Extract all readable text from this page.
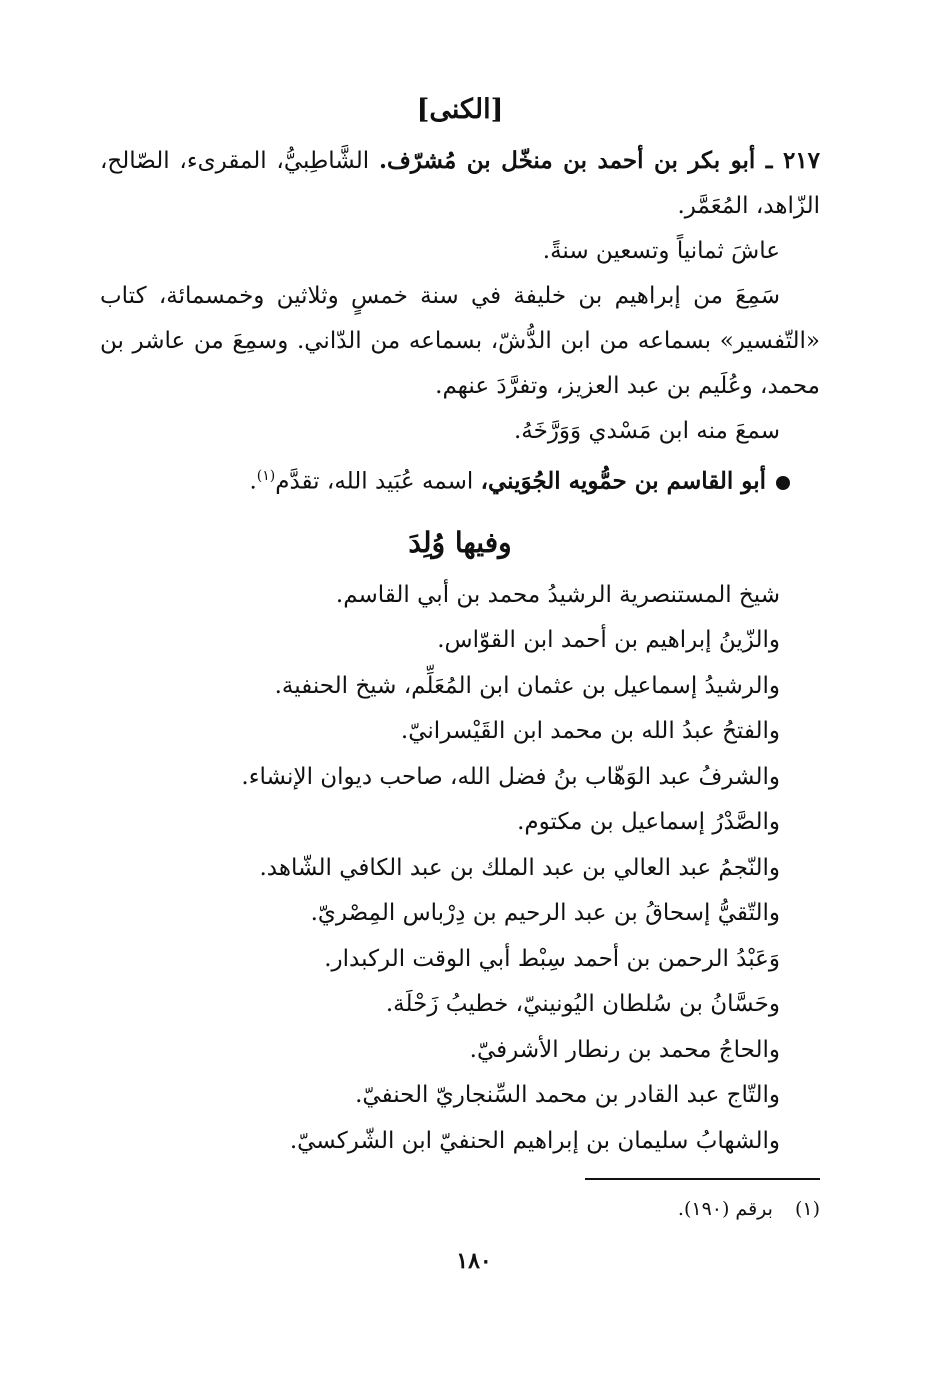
[الكنى]

٢١٧ ـ أبو بكر بن أحمد بن منخّل بن مُشرّف. الشَّاطِبيُّ، المقرىء، الصّالح، الزّاهد، المُعَمَّر.

عاشَ ثمانياً وتسعين سنةً.

سَمِعَ من إبراهيم بن خليفة في سنة خمسٍ وثلاثين وخمسمائة، كتاب «التّفسير» بسماعه من ابن الدُّشّ، بسماعه من الدّاني. وسمِعَ من عاشر بن محمد، وعُلَيم بن عبد العزيز، وتفرَّدَ عنهم.

سمعَ منه ابن مَسْدي وَوَرَّخَهُ.

أبو القاسم بن حمُّويه الجُوَيني، اسمه عُبَيد الله، تقدَّم$^{(١)}$.

وفيها وُلِدَ
شيخ المستنصرية الرشيدُ محمد بن أبي القاسم.
والزّينُ إبراهيم بن أحمد ابن القوّاس.
والرشيدُ إسماعيل بن عثمان ابن المُعَلِّم، شيخ الحنفية.
والفتحُ عبدُ الله بن محمد ابن القَيْسرانيّ.
والشرفُ عبد الوَهّاب بنُ فضل الله، صاحب ديوان الإنشاء.
والصَّدْرُ إسماعيل بن مكتوم.
والنّجمُ عبد العالي بن عبد الملك بن عبد الكافي الشّاهد.
والتّقيُّ إسحاقُ بن عبد الرحيم بن دِرْباس المِصْريّ.
وَعَبْدُ الرحمن بن أحمد سِبْط أبي الوقت الركبدار.
وحَسَّانُ بن سُلطان اليُونينيّ، خطيبُ زَحْلَة.
والحاجُ محمد بن رنطار الأشرفيّ.
والتّاج عبد القادر بن محمد السِّنجاريّ الحنفيّ.
والشهابُ سليمان بن إبراهيم الحنفيّ ابن الشّركسيّ.
(١)برقم (١٩٠).
١٨٠
